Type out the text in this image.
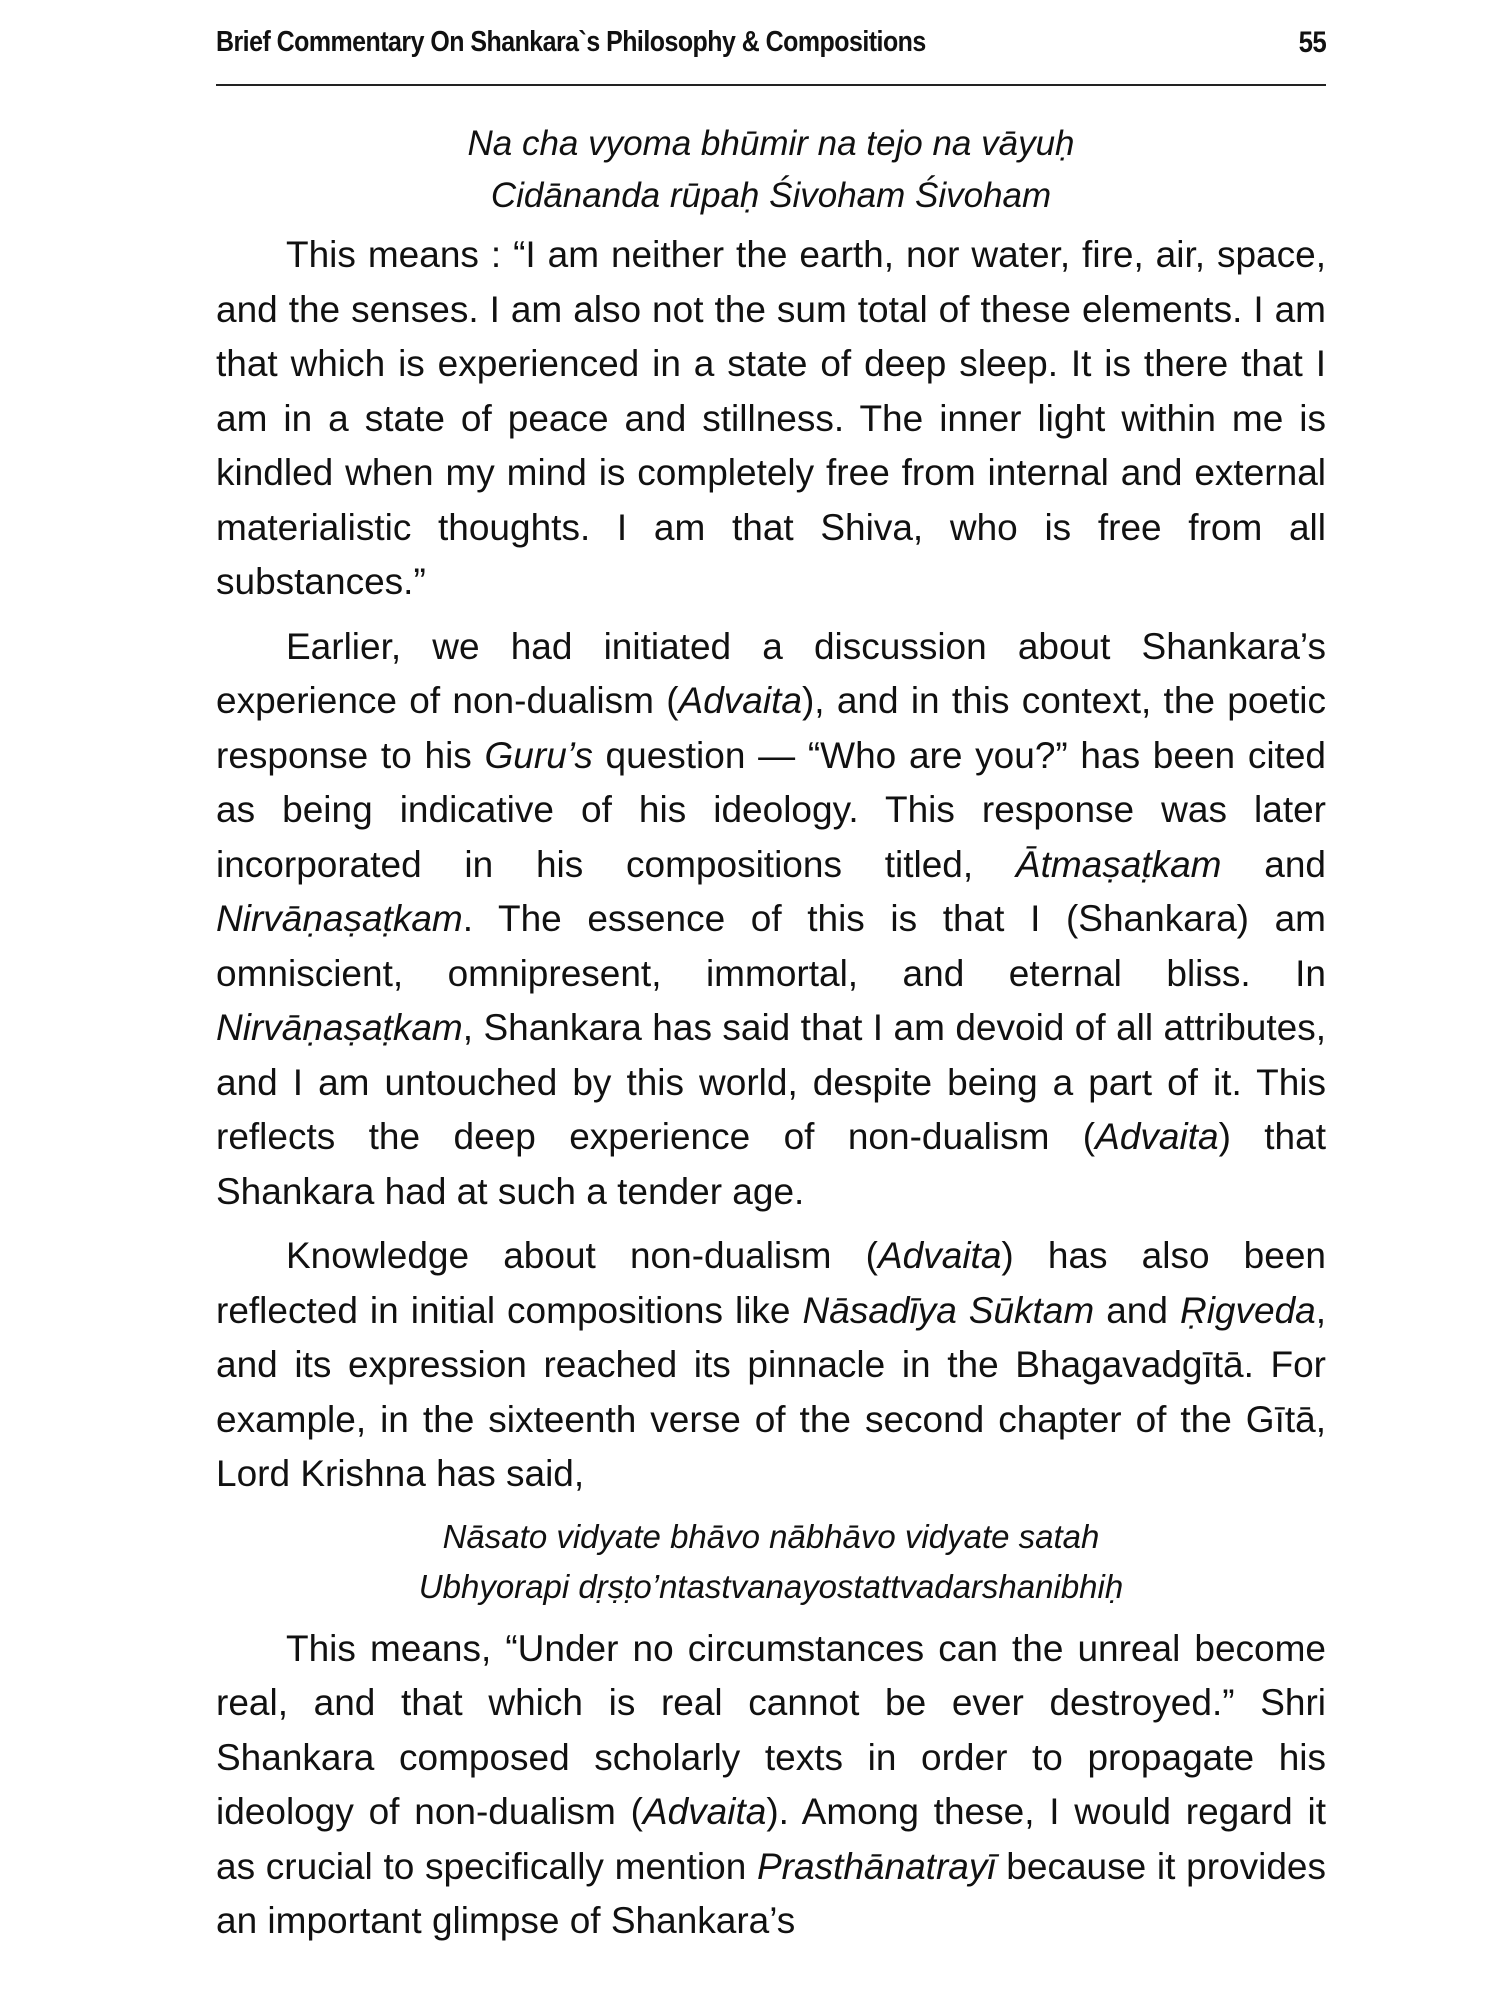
Brief Commentary On Shankara`s Philosophy & Compositions	55
Na cha vyoma bhūmir na tejo na vāyuḥ
Cidānanda rūpaḥ Śivoham Śivoham

This means : “I am neither the earth, nor water, fire, air, space, and the senses. I am also not the sum total of these elements. I am that which is experienced in a state of deep sleep. It is there that I am in a state of peace and stillness. The inner light within me is kindled when my mind is completely free from internal and external materialistic thoughts. I am that Shiva, who is free from all substances.”

Earlier, we had initiated a discussion about Shankara’s experience of non-dualism (Advaita), and in this context, the poetic response to his Guru’s question — “Who are you?” has been cited as being indicative of his ideology. This response was later incorporated in his compositions titled, Ātmaṣaṭkam and Nirvāṇaṣaṭkam. The essence of this is that I (Shankara) am omniscient, omnipresent, immortal, and eternal bliss. In Nirvāṇaṣaṭkam, Shankara has said that I am devoid of all attributes, and I am untouched by this world, despite being a part of it. This reflects the deep experience of non-dualism (Advaita) that Shankara had at such a tender age.

Knowledge about non-dualism (Advaita) has also been reflected in initial compositions like Nāsadīya Sūktam and Ṛigveda, and its expression reached its pinnacle in the Bhagavadgītā. For example, in the sixteenth verse of the second chapter of the Gītā, Lord Krishna has said,

Nāsato vidyate bhāvo nābhāvo vidyate satah
Ubhyorapi dṛṣṭo’ntastvanayostattvadarshanibhiḥ

This means, “Under no circumstances can the unreal become real, and that which is real cannot be ever destroyed.” Shri Shankara composed scholarly texts in order to propagate his ideology of non-dualism (Advaita). Among these, I would regard it as crucial to specifically mention Prasthānatrayī because it provides an important glimpse of Shankara’s
